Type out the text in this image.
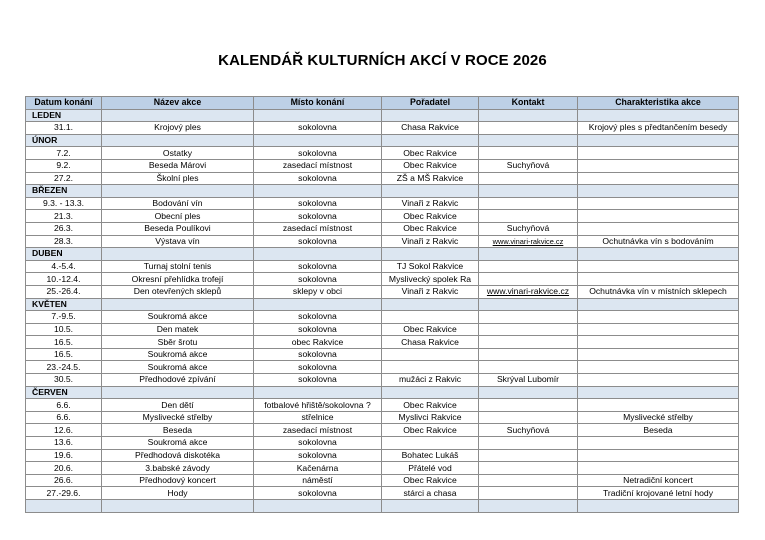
KALENDÁŘ KULTURNÍCH AKCÍ V ROCE 2026
Datum konání	Název akce	Místo konání	Pořadatel	Kontakt	Charakteristika akce
LEDEN					
31.1.	Krojový ples	sokolovna	Chasa Rakvice		Krojový ples s předtančením besedy
ÚNOR					
7.2.	Ostatky	sokolovna	Obec Rakvice		
9.2.	Beseda Márovi	zasedací místnost	Obec Rakvice	Suchyňová	
27.2.	Školní ples	sokolovna	ZŠ a MŠ Rakvice		
BŘEZEN					
9.3. - 13.3.	Bodování vín	sokolovna	Vinaři z Rakvic		
21.3.	Obecní ples	sokolovna	Obec Rakvice		
26.3.	Beseda Poulíkovi	zasedací místnost	Obec Rakvice	Suchyňová	
28.3.	Výstava vín	sokolovna	Vinaři z Rakvic	www.vinari-rakvice.cz	Ochutnávka vín s bodováním
DUBEN					
4.-5.4.	Turnaj stolní tenis	sokolovna	TJ Sokol Rakvice		
10.-12.4.	Okresní přehlídka trofejí	sokolovna	Myslivecký spolek Ra		
25.-26.4.	Den otevřených sklepů	sklepy v obci	Vinaři z Rakvic	www.vinari-rakvice.cz	Ochutnávka vín v místních sklepech
KVĚTEN					
7.-9.5.	Soukromá akce	sokolovna			
10.5.	Den matek	sokolovna	Obec Rakvice		
16.5.	Sběr šrotu	obec Rakvice	Chasa Rakvice		
16.5.	Soukromá akce	sokolovna			
23.-24.5.	Soukromá akce	sokolovna			
30.5.	Předhodové zpívání	sokolovna	mužáci z Rakvic	Skrýval Lubomír	
ČERVEN					
6.6.	Den dětí	fotbalové hřiště/sokolovna ?	Obec Rakvice		
6.6.	Myslivecké střelby	střelnice	Myslivci Rakvice		Myslivecké střelby
12.6.	Beseda	zasedací místnost	Obec Rakvice	Suchyňová	Beseda
13.6.	Soukromá akce	sokolovna			
19.6.	Předhodová diskotéka	sokolovna	Bohatec Lukáš		
20.6.	3.babské závody	Kačenárna	Přátelé vod		
26.6.	Předhodový koncert	náměstí	Obec Rakvice		Netradiční koncert
27.-29.6.	Hody	sokolovna	stárci a chasa		Tradiční krojované letní hody
